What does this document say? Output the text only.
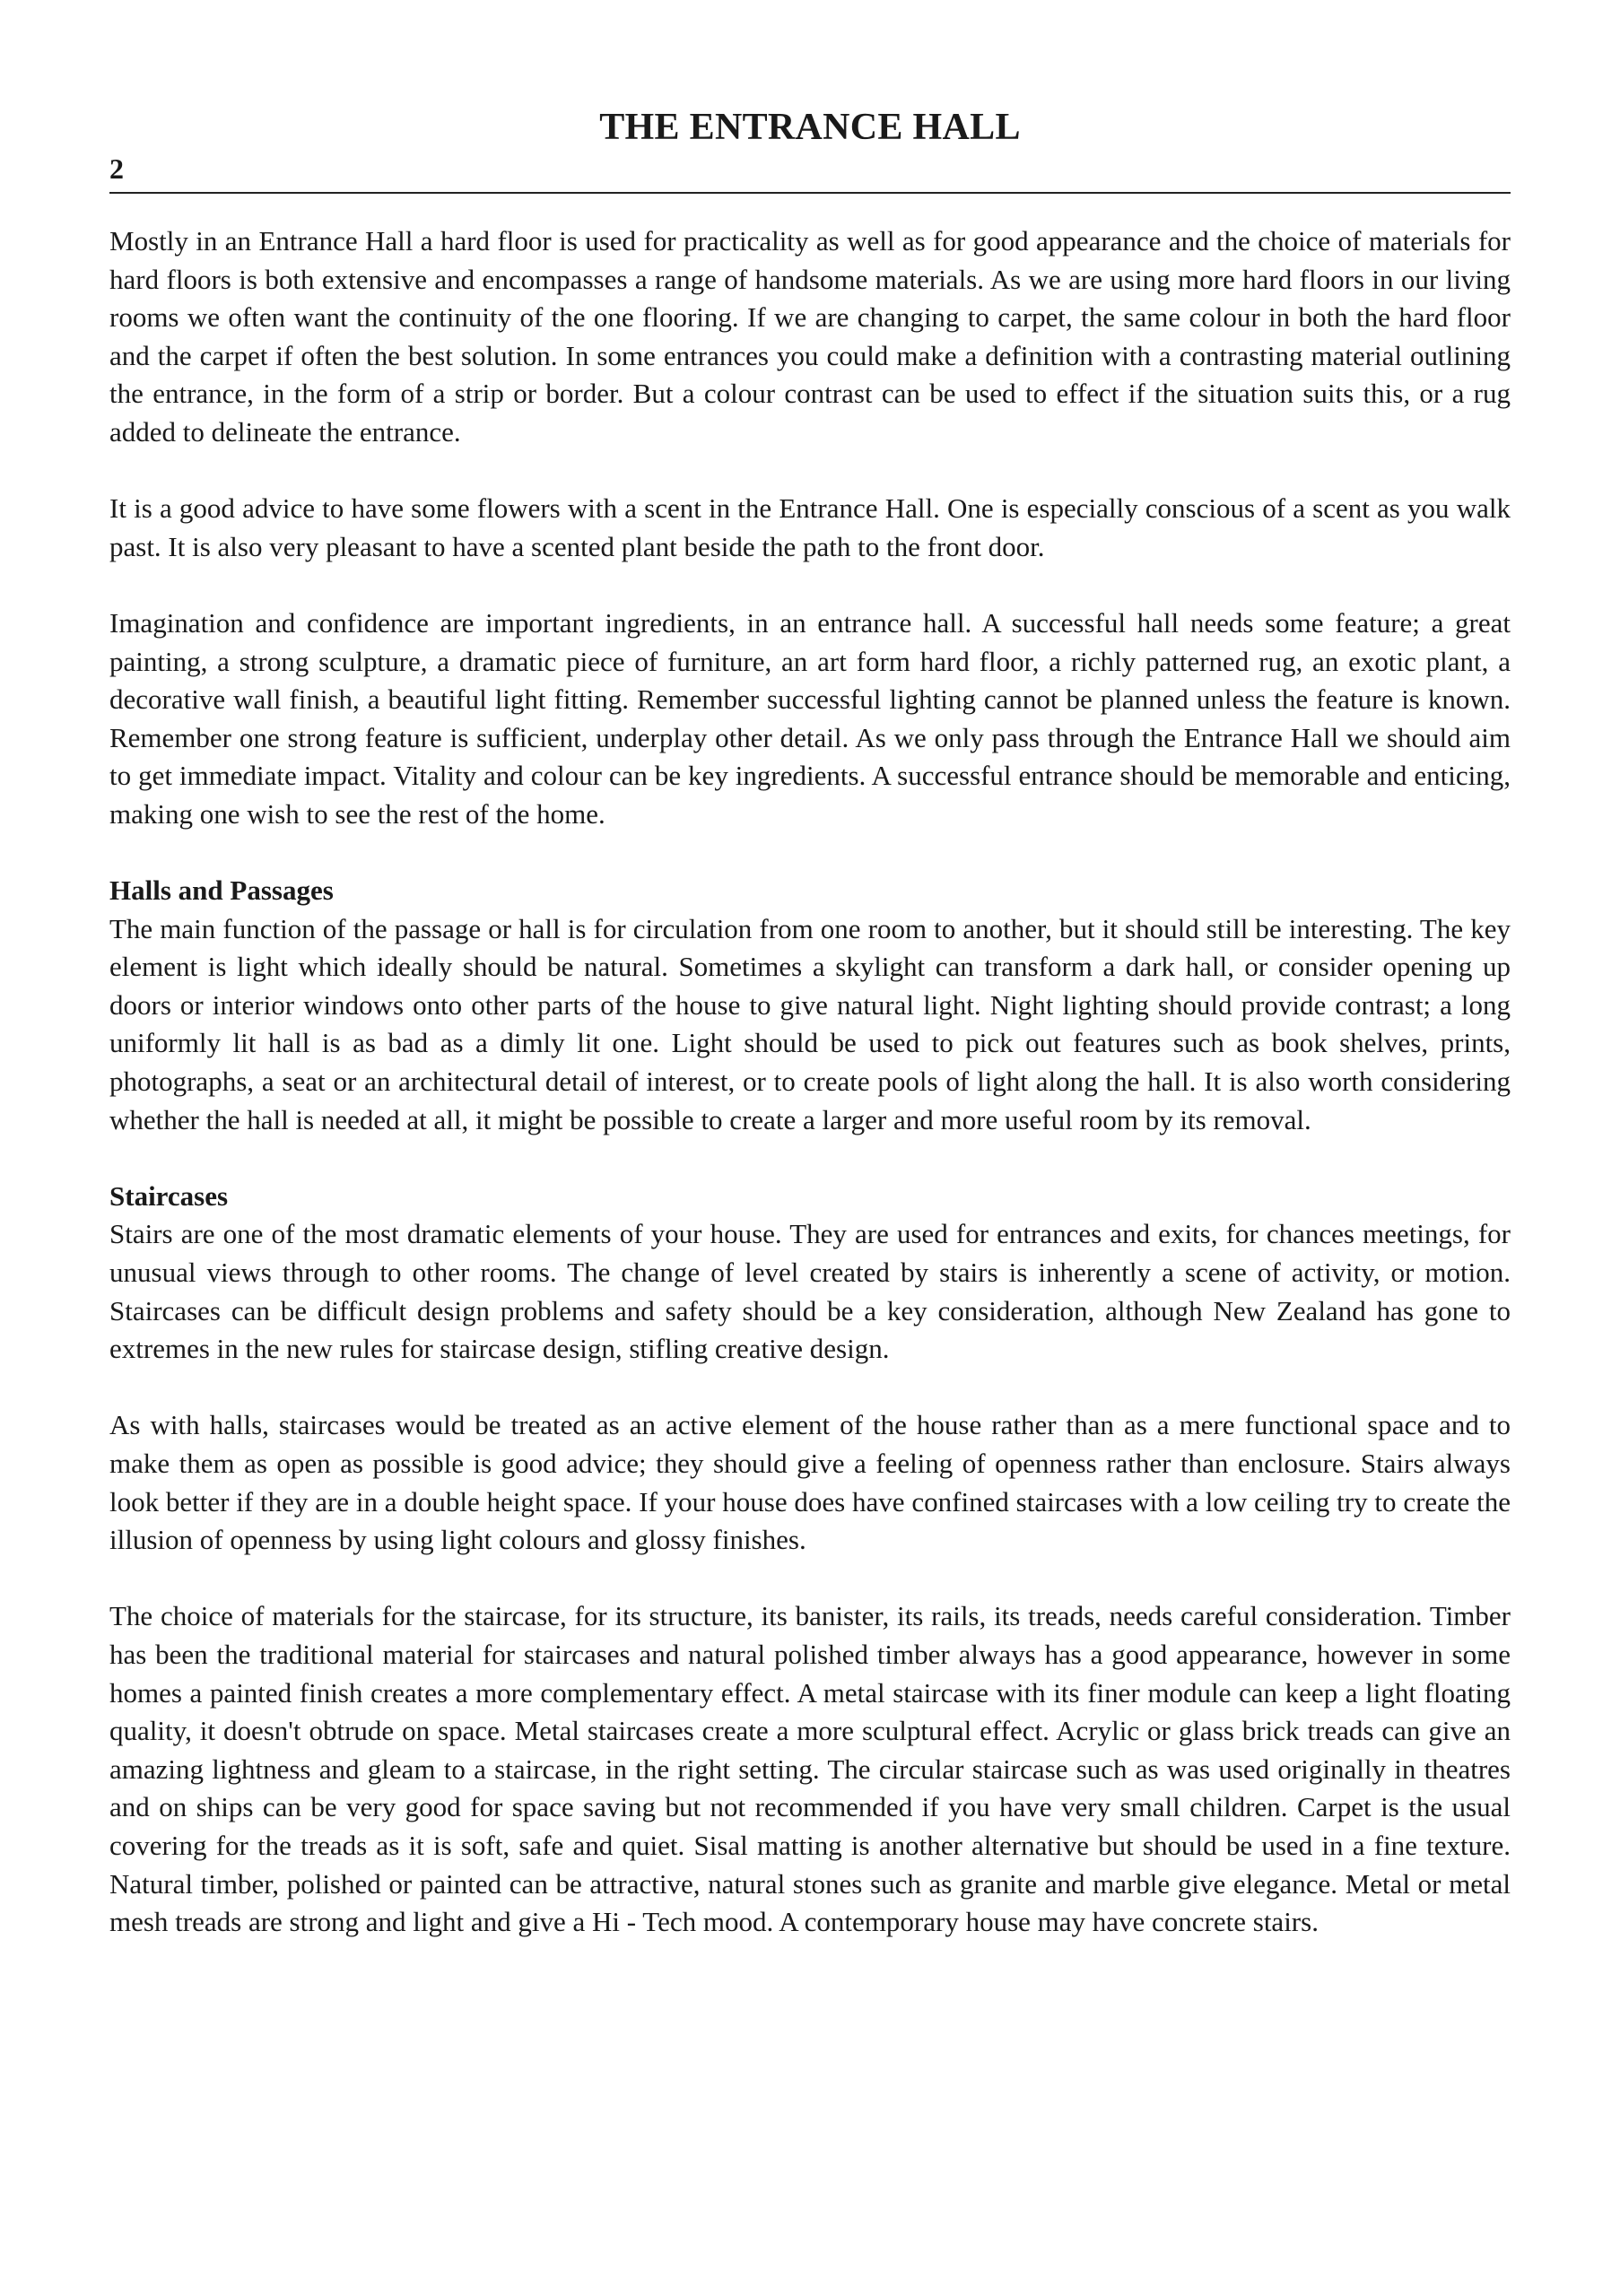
THE ENTRANCE HALL
2

Mostly in an Entrance Hall a hard floor is used for practicality as well as for good appearance and the choice of materials for hard floors is both extensive and encompasses a range of handsome materials. As we are using more hard floors in our living rooms we often want the continuity of the one flooring. If we are changing to carpet, the same colour in both the hard floor and the carpet if often the best solution. In some entrances you could make a definition with a contrasting material outlining the entrance, in the form of a strip or border. But a colour contrast can be used to effect if the situation suits this, or a rug added to delineate the entrance.

It is a good advice to have some flowers with a scent in the Entrance Hall. One is especially conscious of a scent as you walk past. It is also very pleasant to have a scented plant beside the path to the front door.

Imagination and confidence are important ingredients, in an entrance hall. A successful hall needs some feature; a great painting, a strong sculpture, a dramatic piece of furniture, an art form hard floor, a richly patterned rug, an exotic plant, a decorative wall finish, a beautiful light fitting. Remember successful lighting cannot be planned unless the feature is known. Remember one strong feature is sufficient, underplay other detail. As we only pass through the Entrance Hall we should aim to get immediate impact. Vitality and colour can be key ingredients. A successful entrance should be memorable and enticing, making one wish to see the rest of the home.

Halls and Passages

The main function of the passage or hall is for circulation from one room to another, but it should still be interesting. The key element is light which ideally should be natural. Sometimes a skylight can transform a dark hall, or consider opening up doors or interior windows onto other parts of the house to give natural light. Night lighting should provide contrast; a long uniformly lit hall is as bad as a dimly lit one. Light should be used to pick out features such as book shelves, prints, photographs, a seat or an architectural detail of interest, or to create pools of light along the hall. It is also worth considering whether the hall is needed at all, it might be possible to create a larger and more useful room by its removal.

Staircases

Stairs are one of the most dramatic elements of your house. They are used for entrances and exits, for chances meetings, for unusual views through to other rooms. The change of level created by stairs is inherently a scene of activity, or motion. Staircases can be difficult design problems and safety should be a key consideration, although New Zealand has gone to extremes in the new rules for staircase design, stifling creative design.

As with halls, staircases would be treated as an active element of the house rather than as a mere functional space and to make them as open as possible is good advice; they should give a feeling of openness rather than enclosure. Stairs always look better if they are in a double height space. If your house does have confined staircases with a low ceiling try to create the illusion of openness by using light colours and glossy finishes.

The choice of materials for the staircase, for its structure, its banister, its rails, its treads, needs careful consideration. Timber has been the traditional material for staircases and natural polished timber always has a good appearance, however in some homes a painted finish creates a more complementary effect. A metal staircase with its finer module can keep a light floating quality, it doesn't obtrude on space. Metal staircases create a more sculptural effect. Acrylic or glass brick treads can give an amazing lightness and gleam to a staircase, in the right setting. The circular staircase such as was used originally in theatres and on ships can be very good for space saving but not recommended if you have very small children. Carpet is the usual covering for the treads as it is soft, safe and quiet. Sisal matting is another alternative but should be used in a fine texture. Natural timber, polished or painted can be attractive, natural stones such as granite and marble give elegance. Metal or metal mesh treads are strong and light and give a Hi - Tech mood. A contemporary house may have concrete stairs.
